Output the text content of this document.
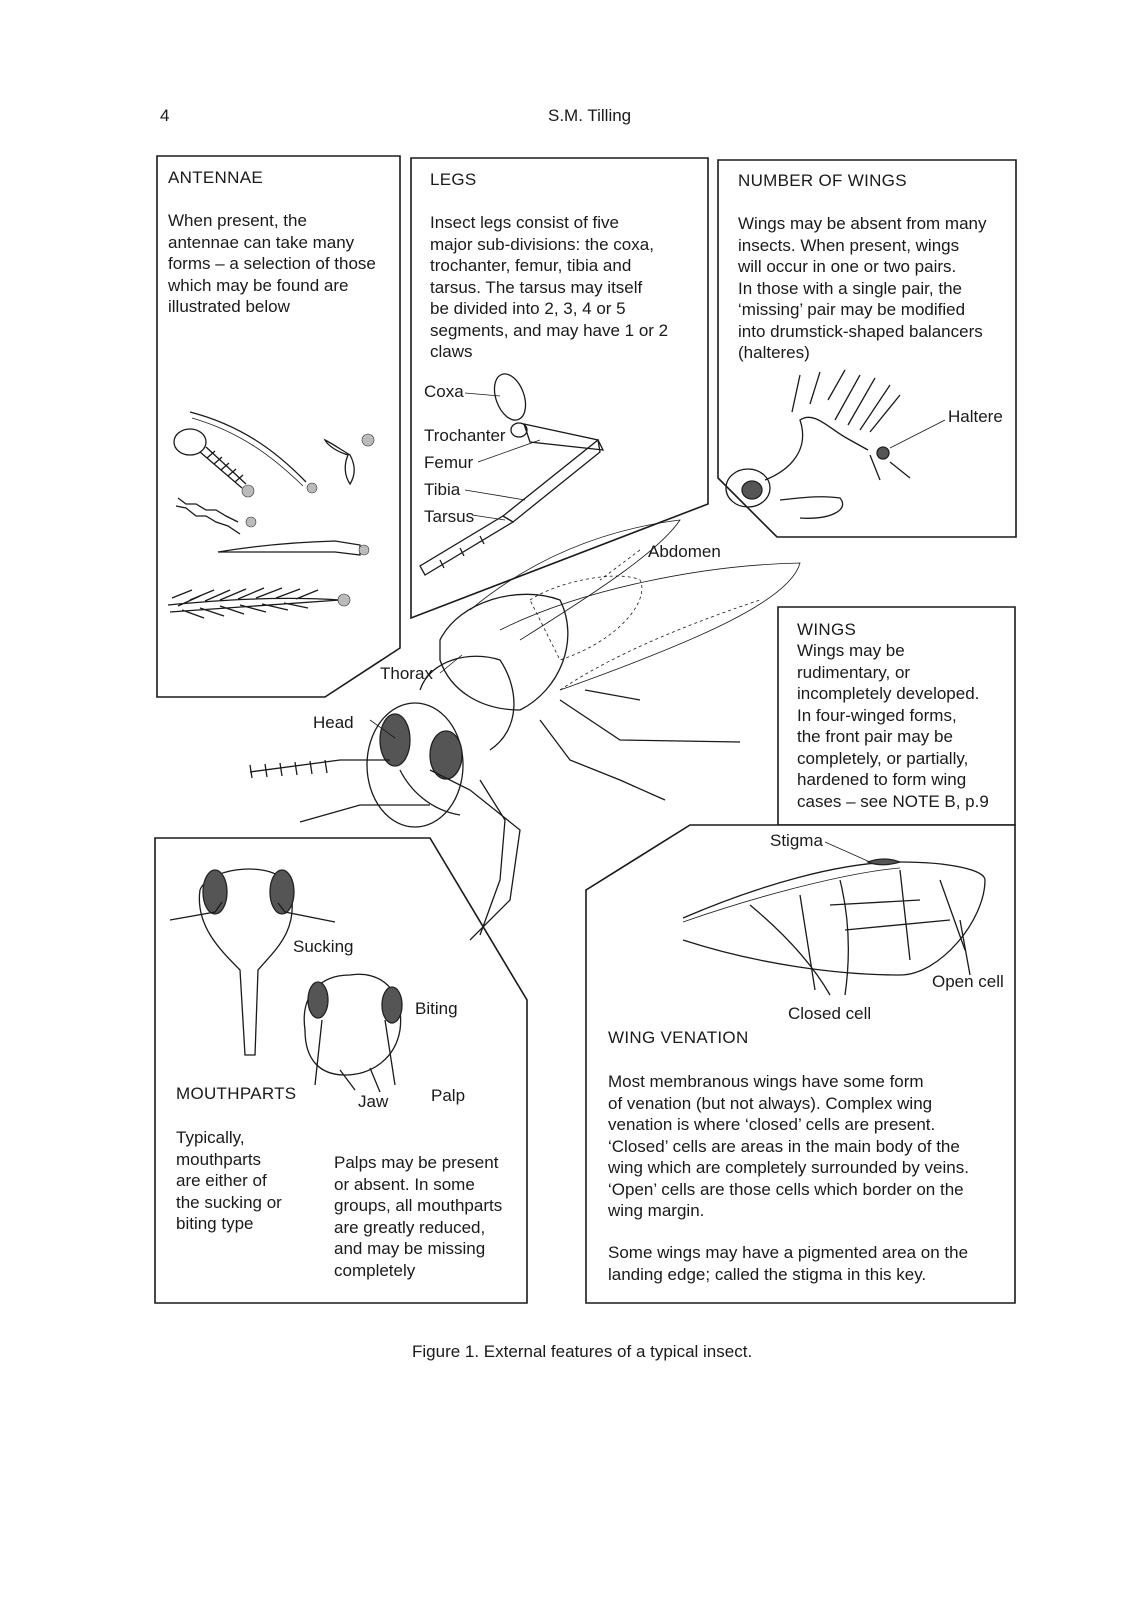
4	S.M. Tilling
ANTENNAE
When present, the
antennae can take many
forms – a selection of those
which may be found are
illustrated below
LEGS
Insect legs consist of five
major sub-divisions: the coxa,
trochanter, femur, tibia and
tarsus. The tarsus may itself
be divided into 2, 3, 4 or 5
segments, and may have 1 or 2
claws
Coxa
Trochanter
Femur
Tibia
Tarsus
NUMBER OF WINGS
Wings may be absent from many
insects. When present, wings
will occur in one or two pairs.
In those with a single pair, the
‘missing’ pair may be modified
into drumstick-shaped balancers
(halteres)
Haltere
Abdomen
Thorax
Head
WINGS
Wings may be
rudimentary, or
incompletely developed.
In four-winged forms,
the front pair may be
completely, or partially,
hardened to form wing
cases – see NOTE B, p.9
Stigma
Open cell
Closed cell
WING VENATION
Most membranous wings have some form
of venation (but not always). Complex wing
venation is where ‘closed’ cells are present.
‘Closed’ cells are areas in the main body of the
wing which are completely surrounded by veins.
‘Open’ cells are those cells which border on the
wing margin.
Some wings may have a pigmented area on the
landing edge; called the stigma in this key.
Sucking
Biting
Jaw	Palp
MOUTHPARTS
Typically,
mouthparts
are either of
the sucking or
biting type
Palps may be present
or absent. In some
groups, all mouthparts
are greatly reduced,
and may be missing
completely
Figure 1. External features of a typical insect.
